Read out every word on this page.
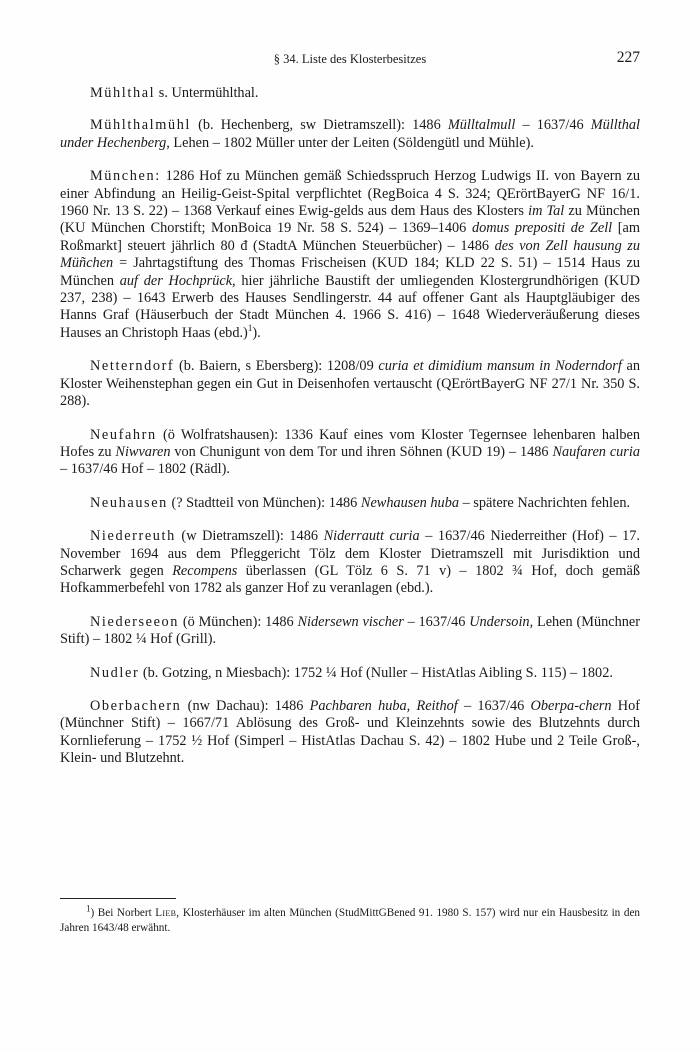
§ 34. Liste des Klosterbesitzes	227

Mühlthal s. Untermühlthal.

Mühlthalmühl (b. Hechenberg, sw Dietramszell): 1486 Mülltalmull – 1637/46 Müllthal under Hechenberg, Lehen – 1802 Müller unter der Leiten (Söldengütl und Mühle).

München: 1286 Hof zu München gemäß Schiedsspruch Herzog Ludwigs II. von Bayern zu einer Abfindung an Heilig-Geist-Spital verpflichtet (RegBoica 4 S. 324; QErörtBayerG NF 16/1. 1960 Nr. 13 S. 22) – 1368 Verkauf eines Ewig-gelds aus dem Haus des Klosters im Tal zu München (KU München Chorstift; MonBoica 19 Nr. 58 S. 524) – 1369–1406 domus prepositi de Zell [am Roßmarkt] steuert jährlich 80 đ (StadtA München Steuerbücher) – 1486 des von Zell hausung zu Müñchen = Jahrtagstiftung des Thomas Frischeisen (KUD 184; KLD 22 S. 51) – 1514 Haus zu München auf der Hochprück, hier jährliche Baustift der umliegenden Klostergrundhörigen (KUD 237, 238) – 1643 Erwerb des Hauses Sendlingerstr. 44 auf offener Gant als Hauptgläubiger des Hanns Graf (Häuserbuch der Stadt München 4. 1966 S. 416) – 1648 Wiederveräußerung dieses Hauses an Christoph Haas $(ebd.)^1$).

Netterndorf (b. Baiern, s Ebersberg): 1208/09 curia et dimidium mansum in Noderndorf an Kloster Weihenstephan gegen ein Gut in Deisenhofen vertauscht (QErörtBayerG NF 27/1 Nr. 350 S. 288).

Neufahrn (ö Wolfratshausen): 1336 Kauf eines vom Kloster Tegernsee lehenbaren halben Hofes zu Niwvaren von Chunigunt von dem Tor und ihren Söhnen (KUD 19) – 1486 Naufaren curia – 1637/46 Hof – 1802 (Rädl).

Neuhausen (? Stadtteil von München): 1486 Newhausen huba – spätere Nachrichten fehlen.

Niederreuth (w Dietramszell): 1486 Niderrautt curia – 1637/46 Niederreither (Hof) – 17. November 1694 aus dem Pfleggericht Tölz dem Kloster Dietramszell mit Jurisdiktion und Scharwerk gegen Recompens überlassen (GL Tölz 6 S. 71 v) – 1802 ¾ Hof, doch gemäß Hofkammerbefehl von 1782 als ganzer Hof zu veranlagen (ebd.).

Niederseeon (ö München): 1486 Nidersewn vischer – 1637/46 Undersoin, Lehen (Münchner Stift) – 1802 ¼ Hof (Grill).

Nudler (b. Gotzing, n Miesbach): 1752 ¼ Hof (Nuller – HistAtlas Aibling S. 115) – 1802.

Oberbachern (nw Dachau): 1486 Pachbaren huba, Reithof – 1637/46 Oberpa-chern Hof (Münchner Stift) – 1667/71 Ablösung des Groß- und Kleinzehnts sowie des Blutzehnts durch Kornlieferung – 1752 ½ Hof (Simperl – HistAtlas Dachau S. 42) – 1802 Hube und 2 Teile Groß-, Klein- und Blutzehnt.

$^1$) Bei Norbert Lieb, Klosterhäuser im alten München (StudMittGBened 91. 1980 S. 157) wird nur ein Hausbesitz in den Jahren 1643/48 erwähnt.
